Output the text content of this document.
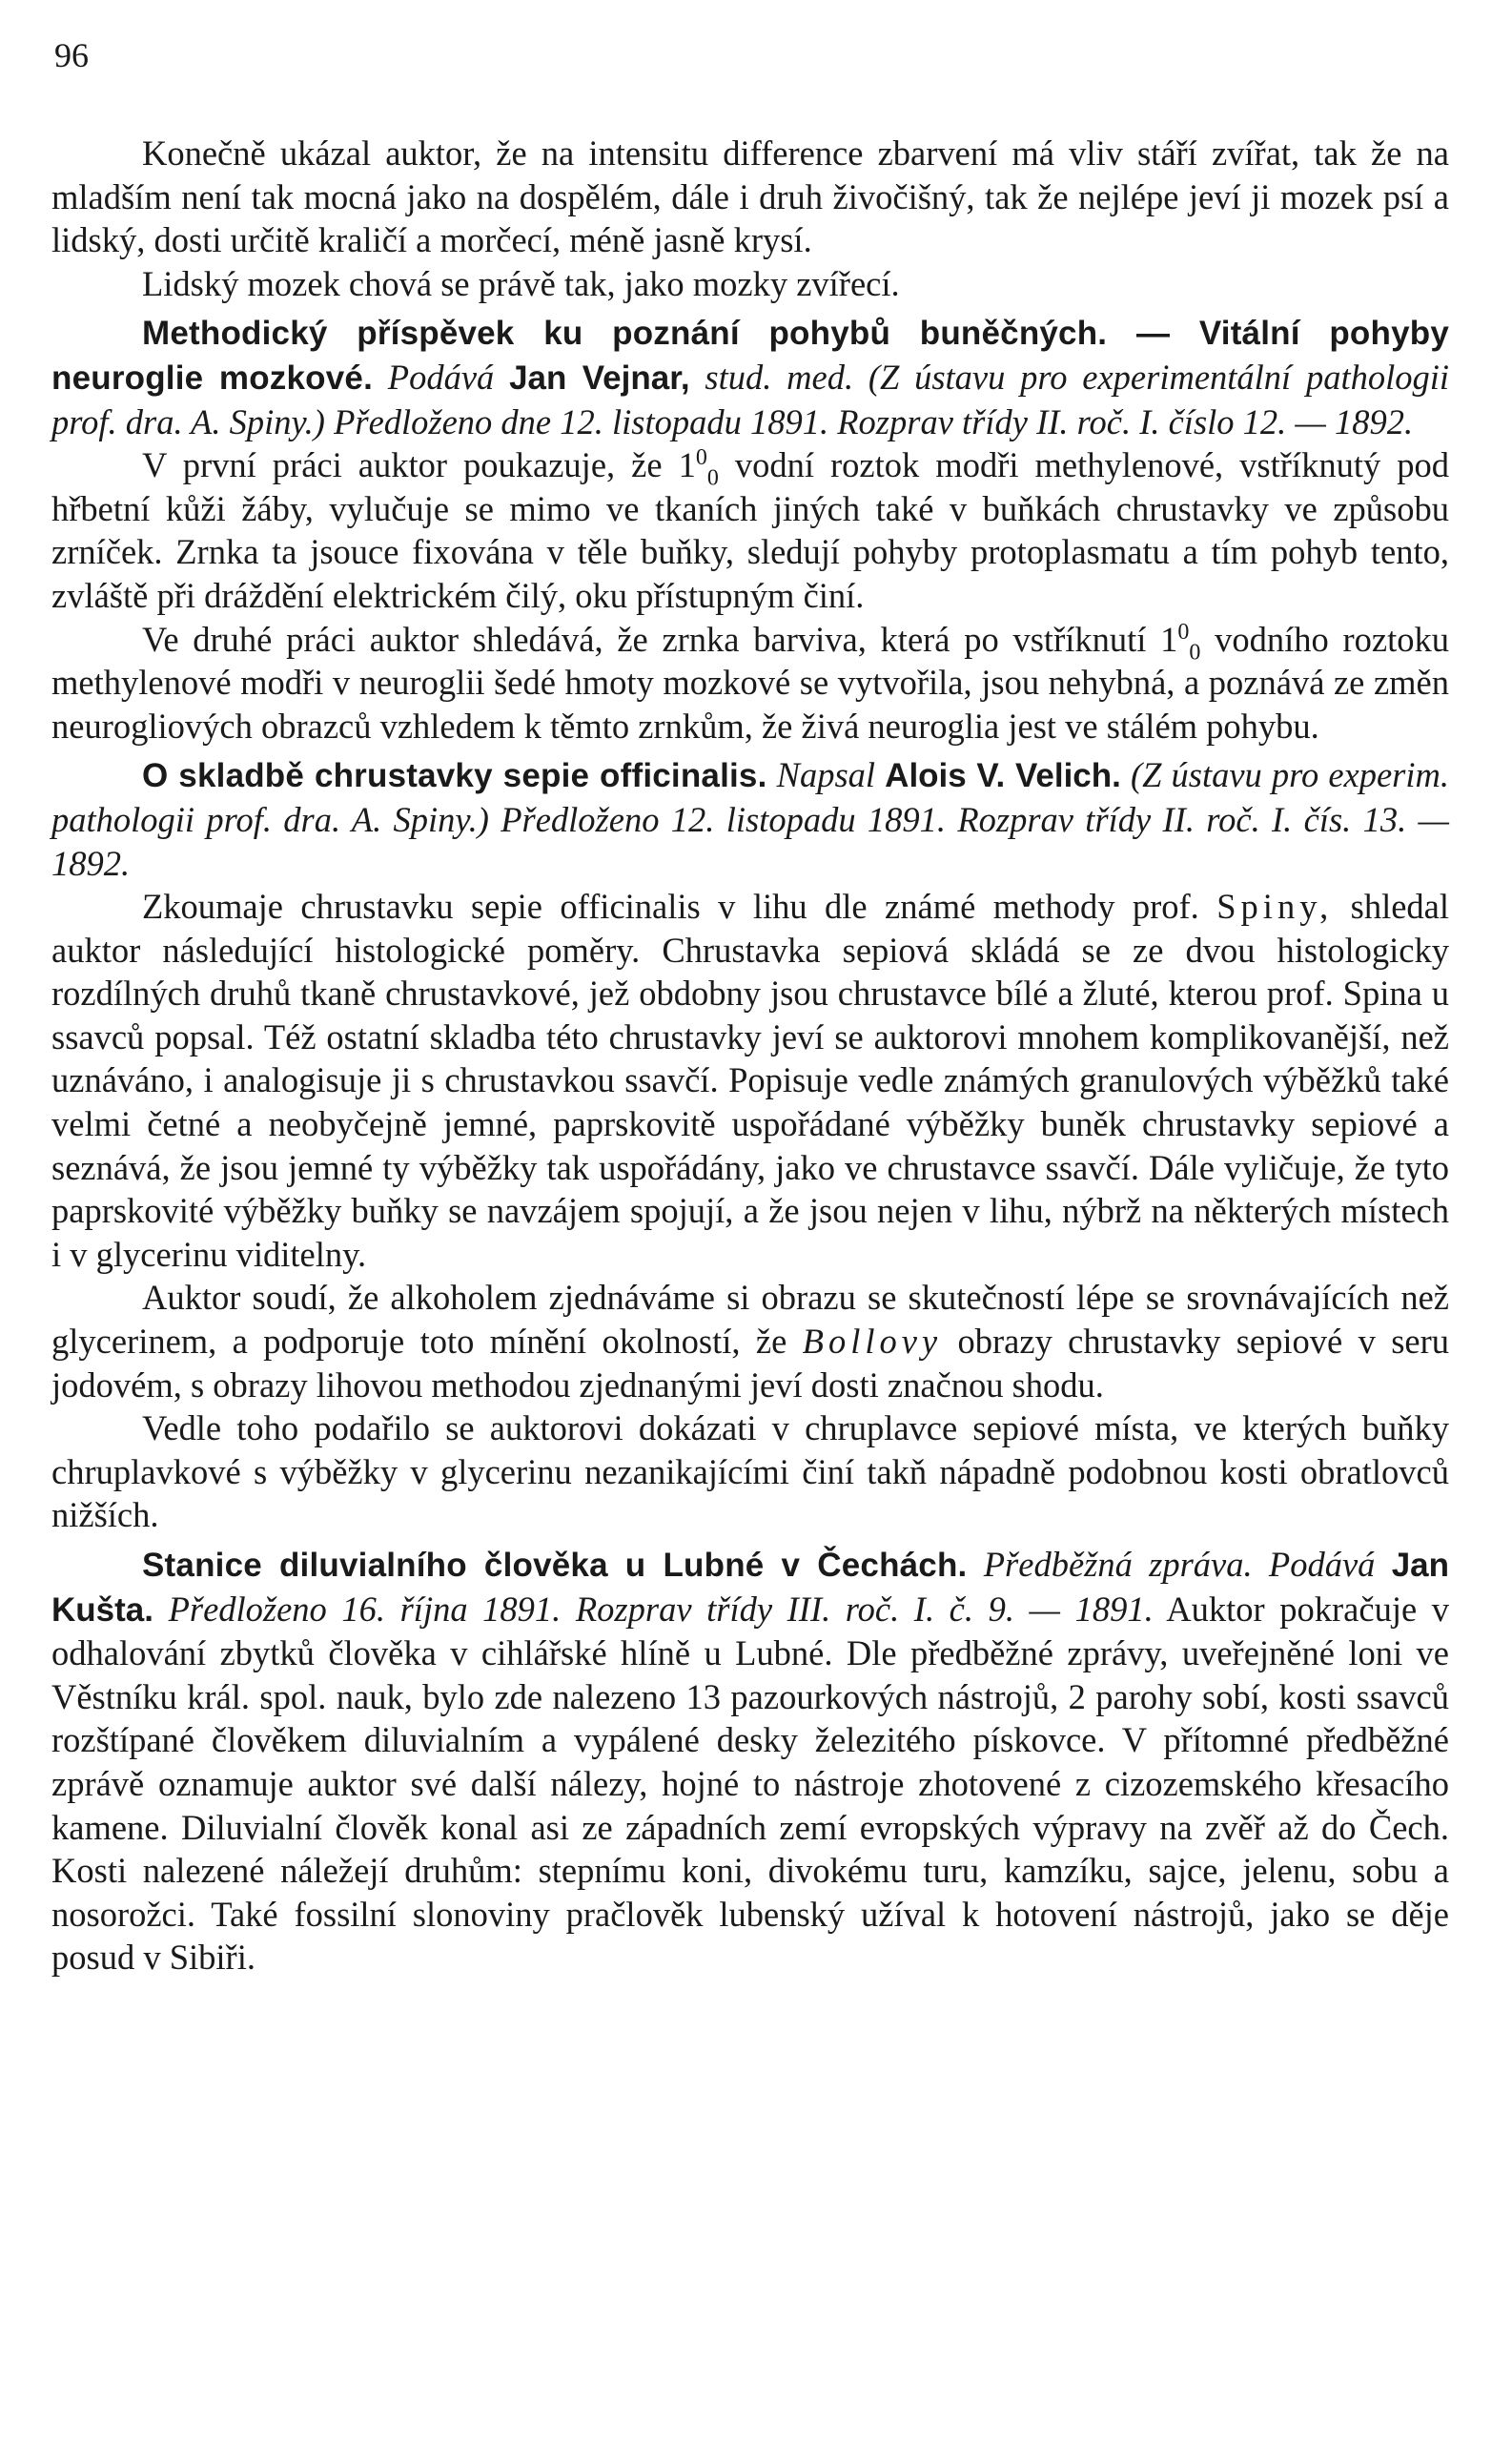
96

Konečně ukázal auktor, že na intensitu difference zbarvení má vliv stáří zvířat, tak že na mladším není tak mocná jako na dospělém, dále i druh živočišný, tak že nejlépe jeví ji mozek psí a lidský, dosti určitě kraličí a morčecí, méně jasně krysí.

Lidský mozek chová se právě tak, jako mozky zvířecí.

Methodický příspěvek ku poznání pohybů buněčných. — Vitální pohyby neuroglie mozkové. Podává Jan Vejnar, stud. med. (Z ústavu pro experimentální pathologii prof. dra. A. Spiny.) Předloženo dne 12. listopadu 1891. Rozprav třídy II. roč. I. číslo 12. — 1892.

V první práci auktor poukazuje, že $1^0_0$ vodní roztok modři methylenové, vstříknutý pod hřbetní kůži žáby, vylučuje se mimo ve tkaních jiných také v buňkách chrustavky ve způsobu zrníček. Zrnka ta jsouce fixována v těle buňky, sledují pohyby protoplasmatu a tím pohyb tento, zvláště při dráždění elektrickém čilý, oku přístupným činí.

Ve druhé práci auktor shledává, že zrnka barviva, která po vstříknutí $1^0_0$ vodního roztoku methylenové modři v neuroglii šedé hmoty mozkové se vytvořila, jsou nehybná, a poznává ze změn neurogliových obrazců vzhledem k těmto zrnkům, že živá neuroglia jest ve stálém pohybu.

O skladbě chrustavky sepie officinalis. Napsal Alois V. Velich. (Z ústavu pro experim. pathologii prof. dra. A. Spiny.) Předloženo 12. listopadu 1891. Rozprav třídy II. roč. I. čís. 13. — 1892.

Zkoumaje chrustavku sepie officinalis v lihu dle známé methody prof. Spiny, shledal auktor následující histologické poměry. Chrustavka sepiová skládá se ze dvou histologicky rozdílných druhů tkaně chrustavkové, jež obdobny jsou chrustavce bílé a žluté, kterou prof. Spina u ssavců popsal. Též ostatní skladba této chrustavky jeví se auktorovi mnohem komplikovanější, než uznáváno, i analogisuje ji s chrustavkou ssavčí. Popisuje vedle známých granulových výběžků také velmi četné a neobyčejně jemné, paprskovitě uspořádané výběžky buněk chrustavky sepiové a seznává, že jsou jemné ty výběžky tak uspořádány, jako ve chrustavce ssavčí. Dále vyličuje, že tyto paprskovité výběžky buňky se navzájem spojují, a že jsou nejen v lihu, nýbrž na některých místech i v glycerinu viditelny.

Auktor soudí, že alkoholem zjednáváme si obrazu se skutečností lépe se srovnávajících než glycerinem, a podporuje toto mínění okolností, že Bollovy obrazy chrustavky sepiové v seru jodovém, s obrazy lihovou methodou zjednanými jeví dosti značnou shodu.

Vedle toho podařilo se auktorovi dokázati v chruplavce sepiové místa, ve kterých buňky chruplavkové s výběžky v glycerinu nezanikajícími činí takň nápadně podobnou kosti obratlovců nižších.

Stanice diluvialního člověka u Lubné v Čechách. Předběžná zpráva. Podává Jan Kušta. Předloženo 16. října 1891. Rozprav třídy III. roč. I. č. 9. — 1891. Auktor pokračuje v odhalování zbytků člověka v cihlářské hlíně u Lubné. Dle předběžné zprávy, uveřejněné loni ve Věstníku král. spol. nauk, bylo zde nalezeno 13 pazourkových nástrojů, 2 parohy sobí, kosti ssavců rozštípané člověkem diluvialním a vypálené desky železitého pískovce. V přítomné předběžné zprávě oznamuje auktor své další nálezy, hojné to nástroje zhotovené z cizozemského křesacího kamene. Diluvialní člověk konal asi ze západních zemí evropských výpravy na zvěř až do Čech. Kosti nalezené náležejí druhům: stepnímu koni, divokému turu, kamzíku, sajce, jelenu, sobu a nosorožci. Také fossilní slonoviny pračlověk lubenský užíval k hotovení nástrojů, jako se děje posud v Sibiři.
